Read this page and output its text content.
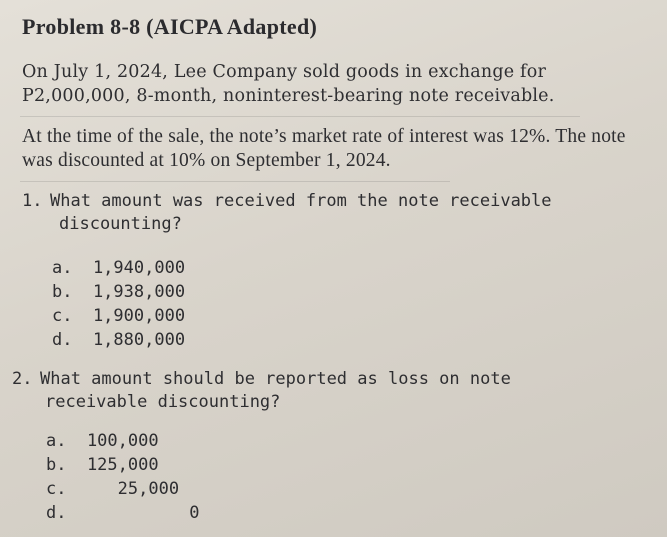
Problem 8-8 (AICPA Adapted)
On July 1, 2024, Lee Company sold goods in exchange for P2,000,000, 8-month, noninterest-bearing note receivable.
At the time of the sale, the note’s market rate of interest was 12%. The note was discounted at 10% on September 1, 2024.
1. What amount was received from the note receivable
discounting?
a.  1,940,000
b.  1,938,000
c.  1,900,000
d.  1,880,000
2. What amount should be reported as loss on note
receivable discounting?
a.  100,000
b.  125,000
c.     25,000
d.            0
